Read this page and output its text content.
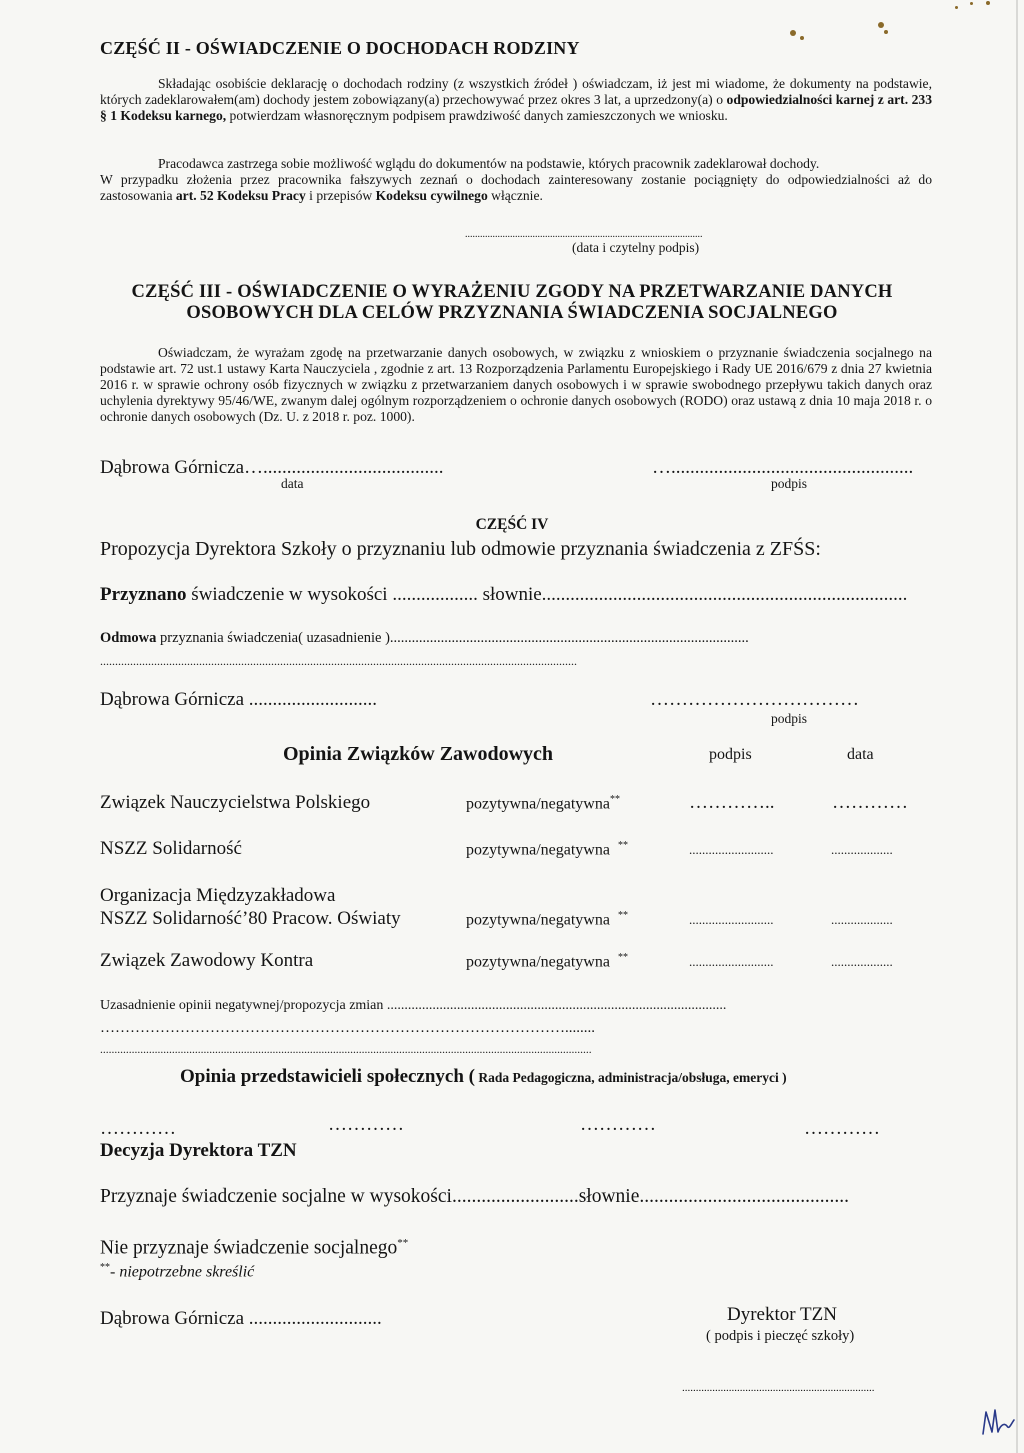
CZĘŚĆ II - OŚWIADCZENIE O DOCHODACH RODZINY
Składając osobiście deklarację o dochodach rodziny (z wszystkich źródeł ) oświadczam, iż jest mi wiadome, że dokumenty na podstawie, których zadeklarowałem(am) dochody jestem zobowiązany(a) przechowywać przez okres 3 lat, a uprzedzony(a) o odpowiedzialności karnej z art. 233 § 1 Kodeksu karnego, potwierdzam własnoręcznym podpisem prawdziwość danych zamieszczonych we wniosku.
Pracodawca zastrzega sobie możliwość wglądu do dokumentów na podstawie, których pracownik zadeklarował dochody.
W przypadku złożenia przez pracownika fałszywych zeznań o dochodach zainteresowany zostanie pociągnięty do odpowiedzialności aż do zastosowania art. 52 Kodeksu Pracy i przepisów Kodeksu cywilnego włącznie.
...............................................................................................
(data i czytelny podpis)
CZĘŚĆ III - OŚWIADCZENIE O WYRAŻENIU ZGODY NA PRZETWARZANIE DANYCH
OSOBOWYCH DLA CELÓW PRZYZNANIA ŚWIADCZENIA SOCJALNEGO
Oświadczam, że wyrażam zgodę na przetwarzanie danych osobowych, w związku z wnioskiem o przyznanie świadczenia socjalnego na podstawie art. 72 ust.1 ustawy Karta Nauczyciela , zgodnie z art. 13 Rozporządzenia Parlamentu Europejskiego i Rady UE 2016/679 z dnia 27 kwietnia 2016 r. w sprawie ochrony osób fizycznych w związku z przetwarzaniem danych osobowych i w sprawie swobodnego przepływu takich danych oraz uchylenia dyrektywy 95/46/WE, zwanym dalej ogólnym rozporządzeniem o ochronie danych osobowych (RODO) oraz ustawą z dnia 10 maja 2018 r. o ochronie danych osobowych (Dz. U. z 2018 r. poz. 1000).
Dąbrowa Górnicza…......................................	…...................................................
data	podpis
CZĘŚĆ IV
Propozycja Dyrektora Szkoły o przyznaniu lub odmowie przyznania świadczenia z ZFŚS:
Przyznano świadczenie w wysokości .................. słownie.............................................................................
Odmowa przyznania świadczenia( uzasadnienie )...................................................................................................
...............................................................................................................................................................
Dąbrowa Górnicza ...........................	……………………………
podpis
Opinia Związków Zawodowych	podpis	data
Związek Nauczycielstwa Polskiego	pozytywna/negatywna**	…………..	…………
NSZZ Solidarność	pozytywna/negatywna **	..........................	...................
Organizacja Międzyzakładowa
NSZZ Solidarność’80 Pracow. Oświaty	pozytywna/negatywna **	..........................	...................
Związek Zawodowy Kontra	pozytywna/negatywna **	..........................	...................
Uzasadnienie opinii negatywnej/propozycja zmian .................................................................................................
…………………………………………………………………………………........
...........................................................................................................................................................................
Opinia przedstawicieli społecznych ( Rada Pedagogiczna, administracja/obsługa, emeryci )
…………	…………	…………	…………
Decyzja Dyrektora TZN
Przyznaje świadczenie socjalne w wysokości..........................słownie...........................................
Nie przyznaje świadczenie socjalnego**
**- niepotrzebne skreślić
Dąbrowa Górnicza ............................	Dyrektor TZN
( podpis i pieczęć szkoły)
......................................................................
